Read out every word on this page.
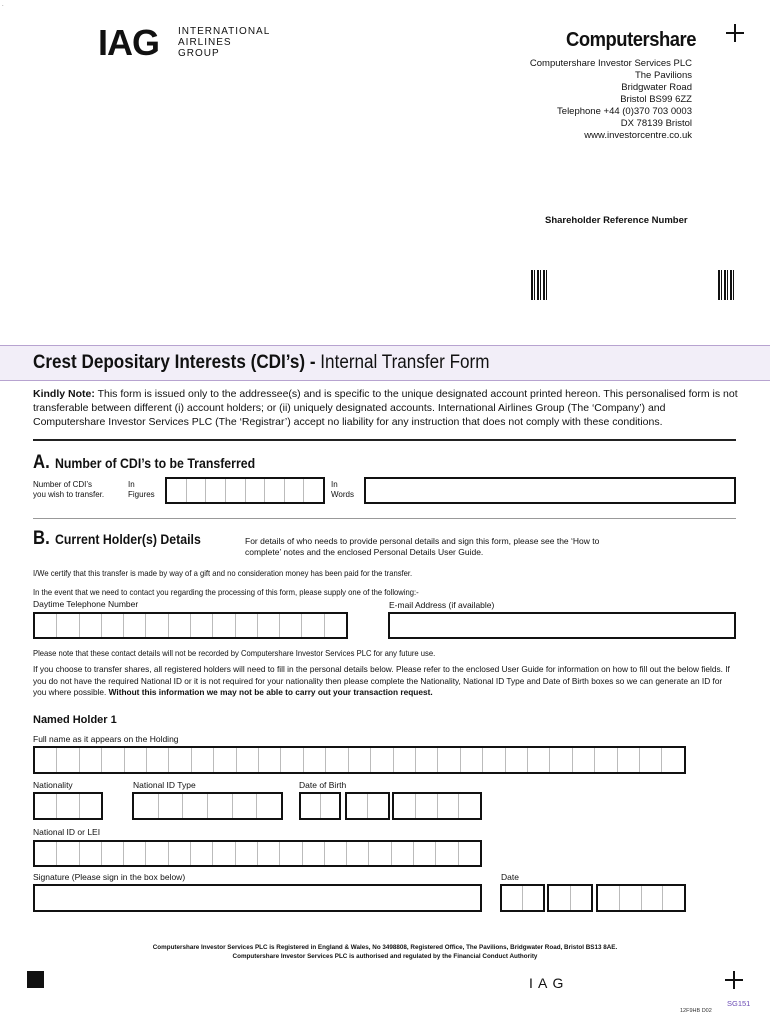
.
IAG INTERNATIONAL
AIRLINES
GROUP
Computershare
Computershare Investor Services PLC
The Pavilions
Bridgwater Road
Bristol BS99 6ZZ
Telephone +44 (0)370 703 0003
DX 78139 Bristol
www.investorcentre.co.uk
Shareholder Reference Number
Crest Depositary Interests (CDI’s) - Internal Transfer Form
Kindly Note: This form is issued only to the addressee(s) and is specific to the unique designated account printed hereon. This personalised form is not transferable between different (i) account holders; or (ii) uniquely designated accounts. International Airlines Group (The ‘Company’) and Computershare Investor Services PLC (The ‘Registrar’) accept no liability for any instruction that does not comply with these conditions.
A. Number of CDI’s to be Transferred
Number of CDI’s
you wish to transfer.
In
Figures
In
Words
B. Current Holder(s) Details	For details of who needs to provide personal details and sign this form, please see the ‘How to complete’ notes and the enclosed Personal Details User Guide.
I/We certify that this transfer is made by way of a gift and no consideration money has been paid for the transfer.
In the event that we need to contact you regarding the processing of this form, please supply one of the following:-
Daytime Telephone Number	E-mail Address (if available)
Please note that these contact details will not be recorded by Computershare Investor Services PLC for any future use.
If you choose to transfer shares, all registered holders will need to fill in the personal details below. Please refer to the enclosed User Guide for information on how to fill out the below fields. If you do not have the required National ID or it is not required for your nationality then please complete the Nationality, National ID Type and Date of Birth boxes so we can generate an ID for you where possible. Without this information we may not be able to carry out your transaction request.
Named Holder 1
Full name as it appears on the Holding
Nationality	National ID Type	Date of Birth
National ID or LEI
Signature (Please sign in the box below)	Date
Computershare Investor Services PLC is Registered in England & Wales, No 3498808, Registered Office, The Pavilions, Bridgwater Road, Bristol BS13 8AE.
Computershare Investor Services PLC is authorised and regulated by the Financial Conduct Authority
I A G
SG151
12F9HB D02
